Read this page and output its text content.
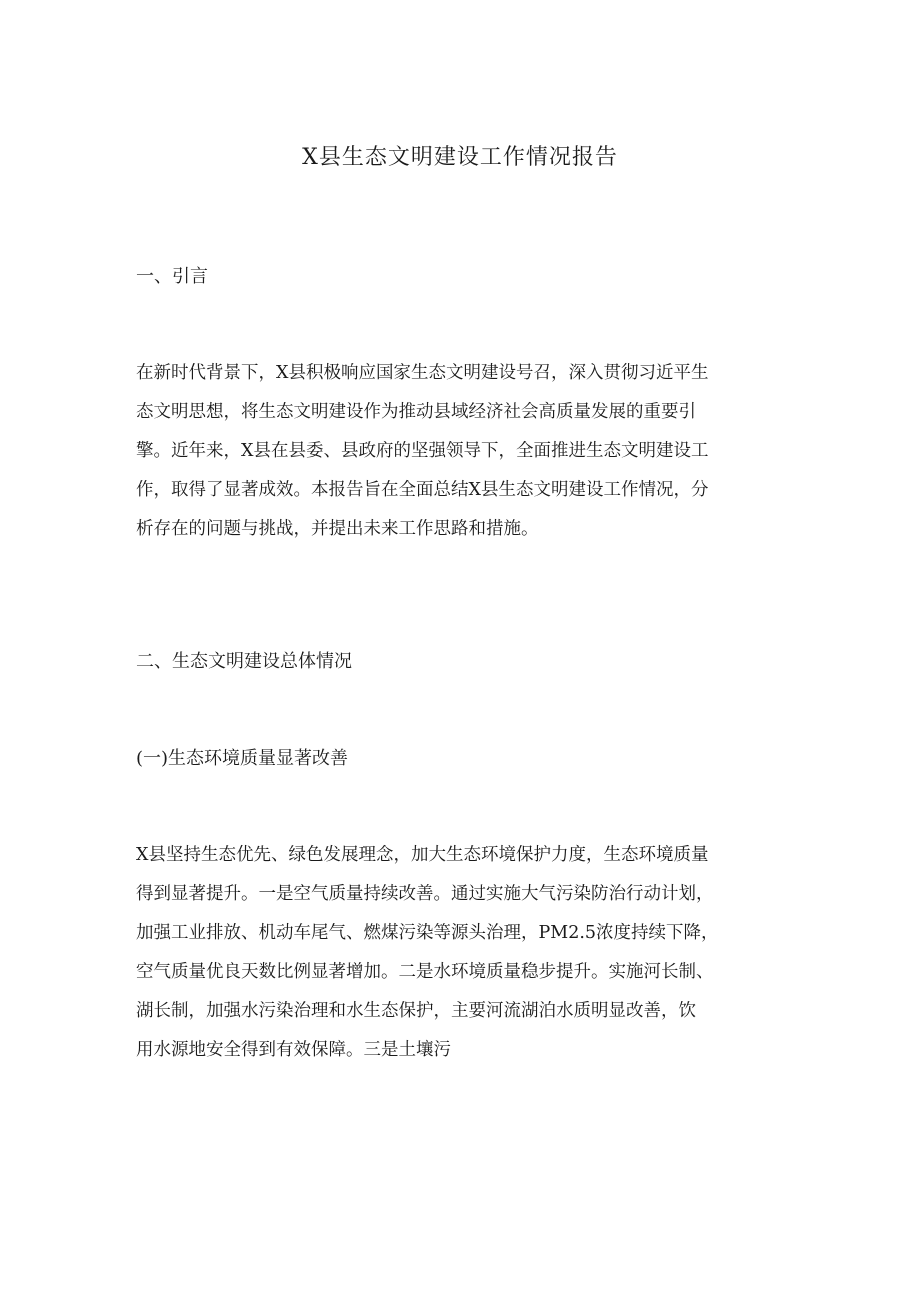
X县生态文明建设工作情况报告
一、引言
在新时代背景下，X县积极响应国家生态文明建设号召，深入贯彻习近平生
态文明思想，将生态文明建设作为推动县域经济社会高质量发展的重要引
擎。近年来，X县在县委、县政府的坚强领导下，全面推进生态文明建设工
作，取得了显著成效。本报告旨在全面总结X县生态文明建设工作情况，分
析存在的问题与挑战，并提出未来工作思路和措施。
二、生态文明建设总体情况
(一)生态环境质量显著改善
X县坚持生态优先、绿色发展理念，加大生态环境保护力度，生态环境质量
得到显著提升。一是空气质量持续改善。通过实施大气污染防治行动计划，
加强工业排放、机动车尾气、燃煤污染等源头治理，PM2.5浓度持续下降，
空气质量优良天数比例显著增加。二是水环境质量稳步提升。实施河长制、
湖长制，加强水污染治理和水生态保护，主要河流湖泊水质明显改善，饮
用水源地安全得到有效保障。三是土壤污
